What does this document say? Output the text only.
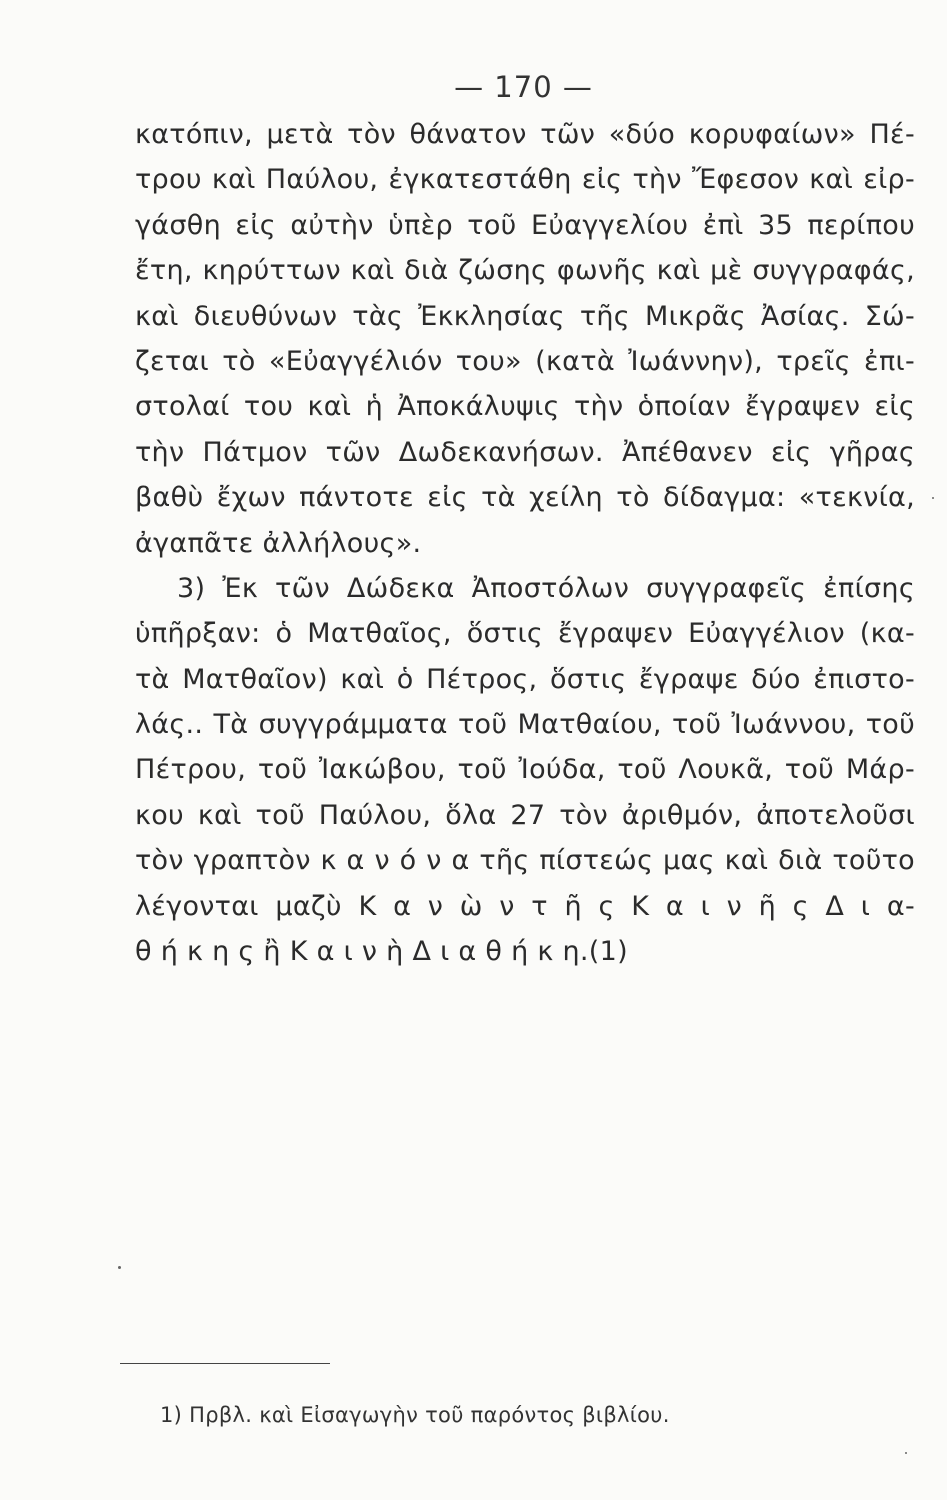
— 170 —
κατόπιν, μετὰ τὸν θάνατον τῶν «δύο κορυφαίων» Πέ-
τρου καὶ Παύλου, ἐγκατεστάθη εἰς τὴν Ἔφεσον καὶ εἰρ-
γάσθη εἰς αὐτὴν ὑπὲρ τοῦ Εὐαγγελίου ἐπὶ 35 περίπου
ἔτη, κηρύττων καὶ διὰ ζώσης φωνῆς καὶ μὲ συγγραφάς,
καὶ διευθύνων τὰς Ἐκκλησίας τῆς Μικρᾶς Ἀσίας. Σώ-
ζεται τὸ «Εὐαγγέλιόν του» (κατὰ Ἰωάννην), τρεῖς ἐπι-
στολαί του καὶ ἡ Ἀποκάλυψις τὴν ὁποίαν ἔγραψεν εἰς
τὴν Πάτμον τῶν Δωδεκανήσων. Ἀπέθανεν εἰς γῆρας
βαθὺ ἔχων πάντοτε εἰς τὰ χείλη τὸ δίδαγμα: «τεκνία,
ἀγαπᾶτε ἀλλήλους».
3) Ἐκ τῶν Δώδεκα Ἀποστόλων συγγραφεῖς ἐπίσης
ὑπῆρξαν: ὁ Ματθαῖος, ὅστις ἔγραψεν Εὐαγγέλιον (κα-
τὰ Ματθαῖον) καὶ ὁ Πέτρος, ὅστις ἔγραψε δύο ἐπιστο-
λάς.. Τὰ συγγράμματα τοῦ Ματθαίου, τοῦ Ἰωάννου, τοῦ
Πέτρου, τοῦ Ἰακώβου, τοῦ Ἰούδα, τοῦ Λουκᾶ, τοῦ Μάρ-
κου καὶ τοῦ Παύλου, ὅλα 27 τὸν ἀριθμόν, ἀποτελοῦσι
τὸν γραπτὸν κ α ν ό ν α τῆς πίστεώς μας καὶ διὰ τοῦτο
λέγονται μαζὺ Κ α ν ὼ ν τ ῆ ς Κ α ι ν ῆ ς Δ ι α-
θ ή κ η ς ἢ Κ α ι ν ὴ Δ ι α θ ή κ η.(1)
1) Πρβλ. καὶ Εἰσαγωγὴν τοῦ παρόντος βιβλίου.
